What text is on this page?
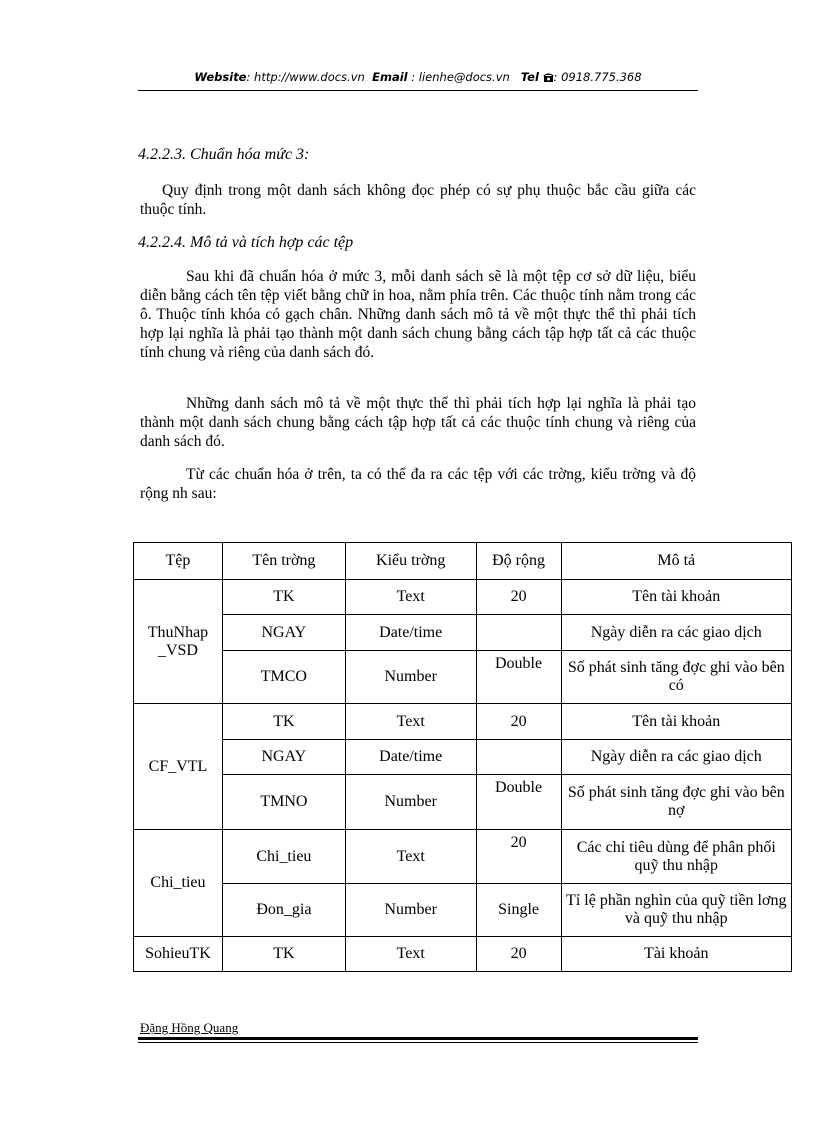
Website: http://www.docs.vn Email : lienhe@docs.vn Tel : 0918.775.368
4.2.2.3. Chuẩn hóa mức 3:
Quy định trong một danh sách không đọc phép có sự phụ thuộc bắc cầu giữa các thuộc tính.
4.2.2.4. Mô tả và tích hợp các tệp
Sau khi đã chuẩn hóa ở mức 3, mỗi danh sách sẽ là một tệp cơ sở dữ liệu, biểu diễn bằng cách tên tệp viết bằng chữ in hoa, nằm phía trên. Các thuộc tính nằm trong các ô. Thuộc tính khóa có gạch chân. Những danh sách mô tả về một thực thể thì phải tích hợp lại nghĩa là phải tạo thành một danh sách chung bằng cách tập hợp tất cả các thuộc tính chung và riêng của danh sách đó.
Những danh sách mô tả về một thực thể thì phải tích hợp lại nghĩa là phải tạo thành một danh sách chung bằng cách tập hợp tất cả các thuộc tính chung và riêng của danh sách đó.
Từ các chuẩn hóa ở trên, ta có thể đa ra các tệp với các trờng, kiểu trờng và độ rộng nh sau:
Tệp	Tên trờng	Kiểu trờng	Độ rộng	Mô tả
ThuNhap _VSD	TK	Text	20	Tên tài khoản
	NGAY	Date/time		Ngày diễn ra các giao dịch
	TMCO	Number	Double	Số phát sinh tăng đợc ghi vào bên có
CF_VTL	TK	Text	20	Tên tài khoản
	NGAY	Date/time		Ngày diễn ra các giao dịch
	TMNO	Number	Double	Số phát sinh tăng đợc ghi vào bên nợ
Chi_tieu	Chi_tieu	Text	20	Các chỉ tiêu dùng để phân phối quỹ thu nhập
	Đon_gia	Number	Single	Tỉ lệ phần nghìn của quỹ tiền lơng và quỹ thu nhập
SohieuTK	TK	Text	20	Tài khoản
Đặng Hồng Quang
